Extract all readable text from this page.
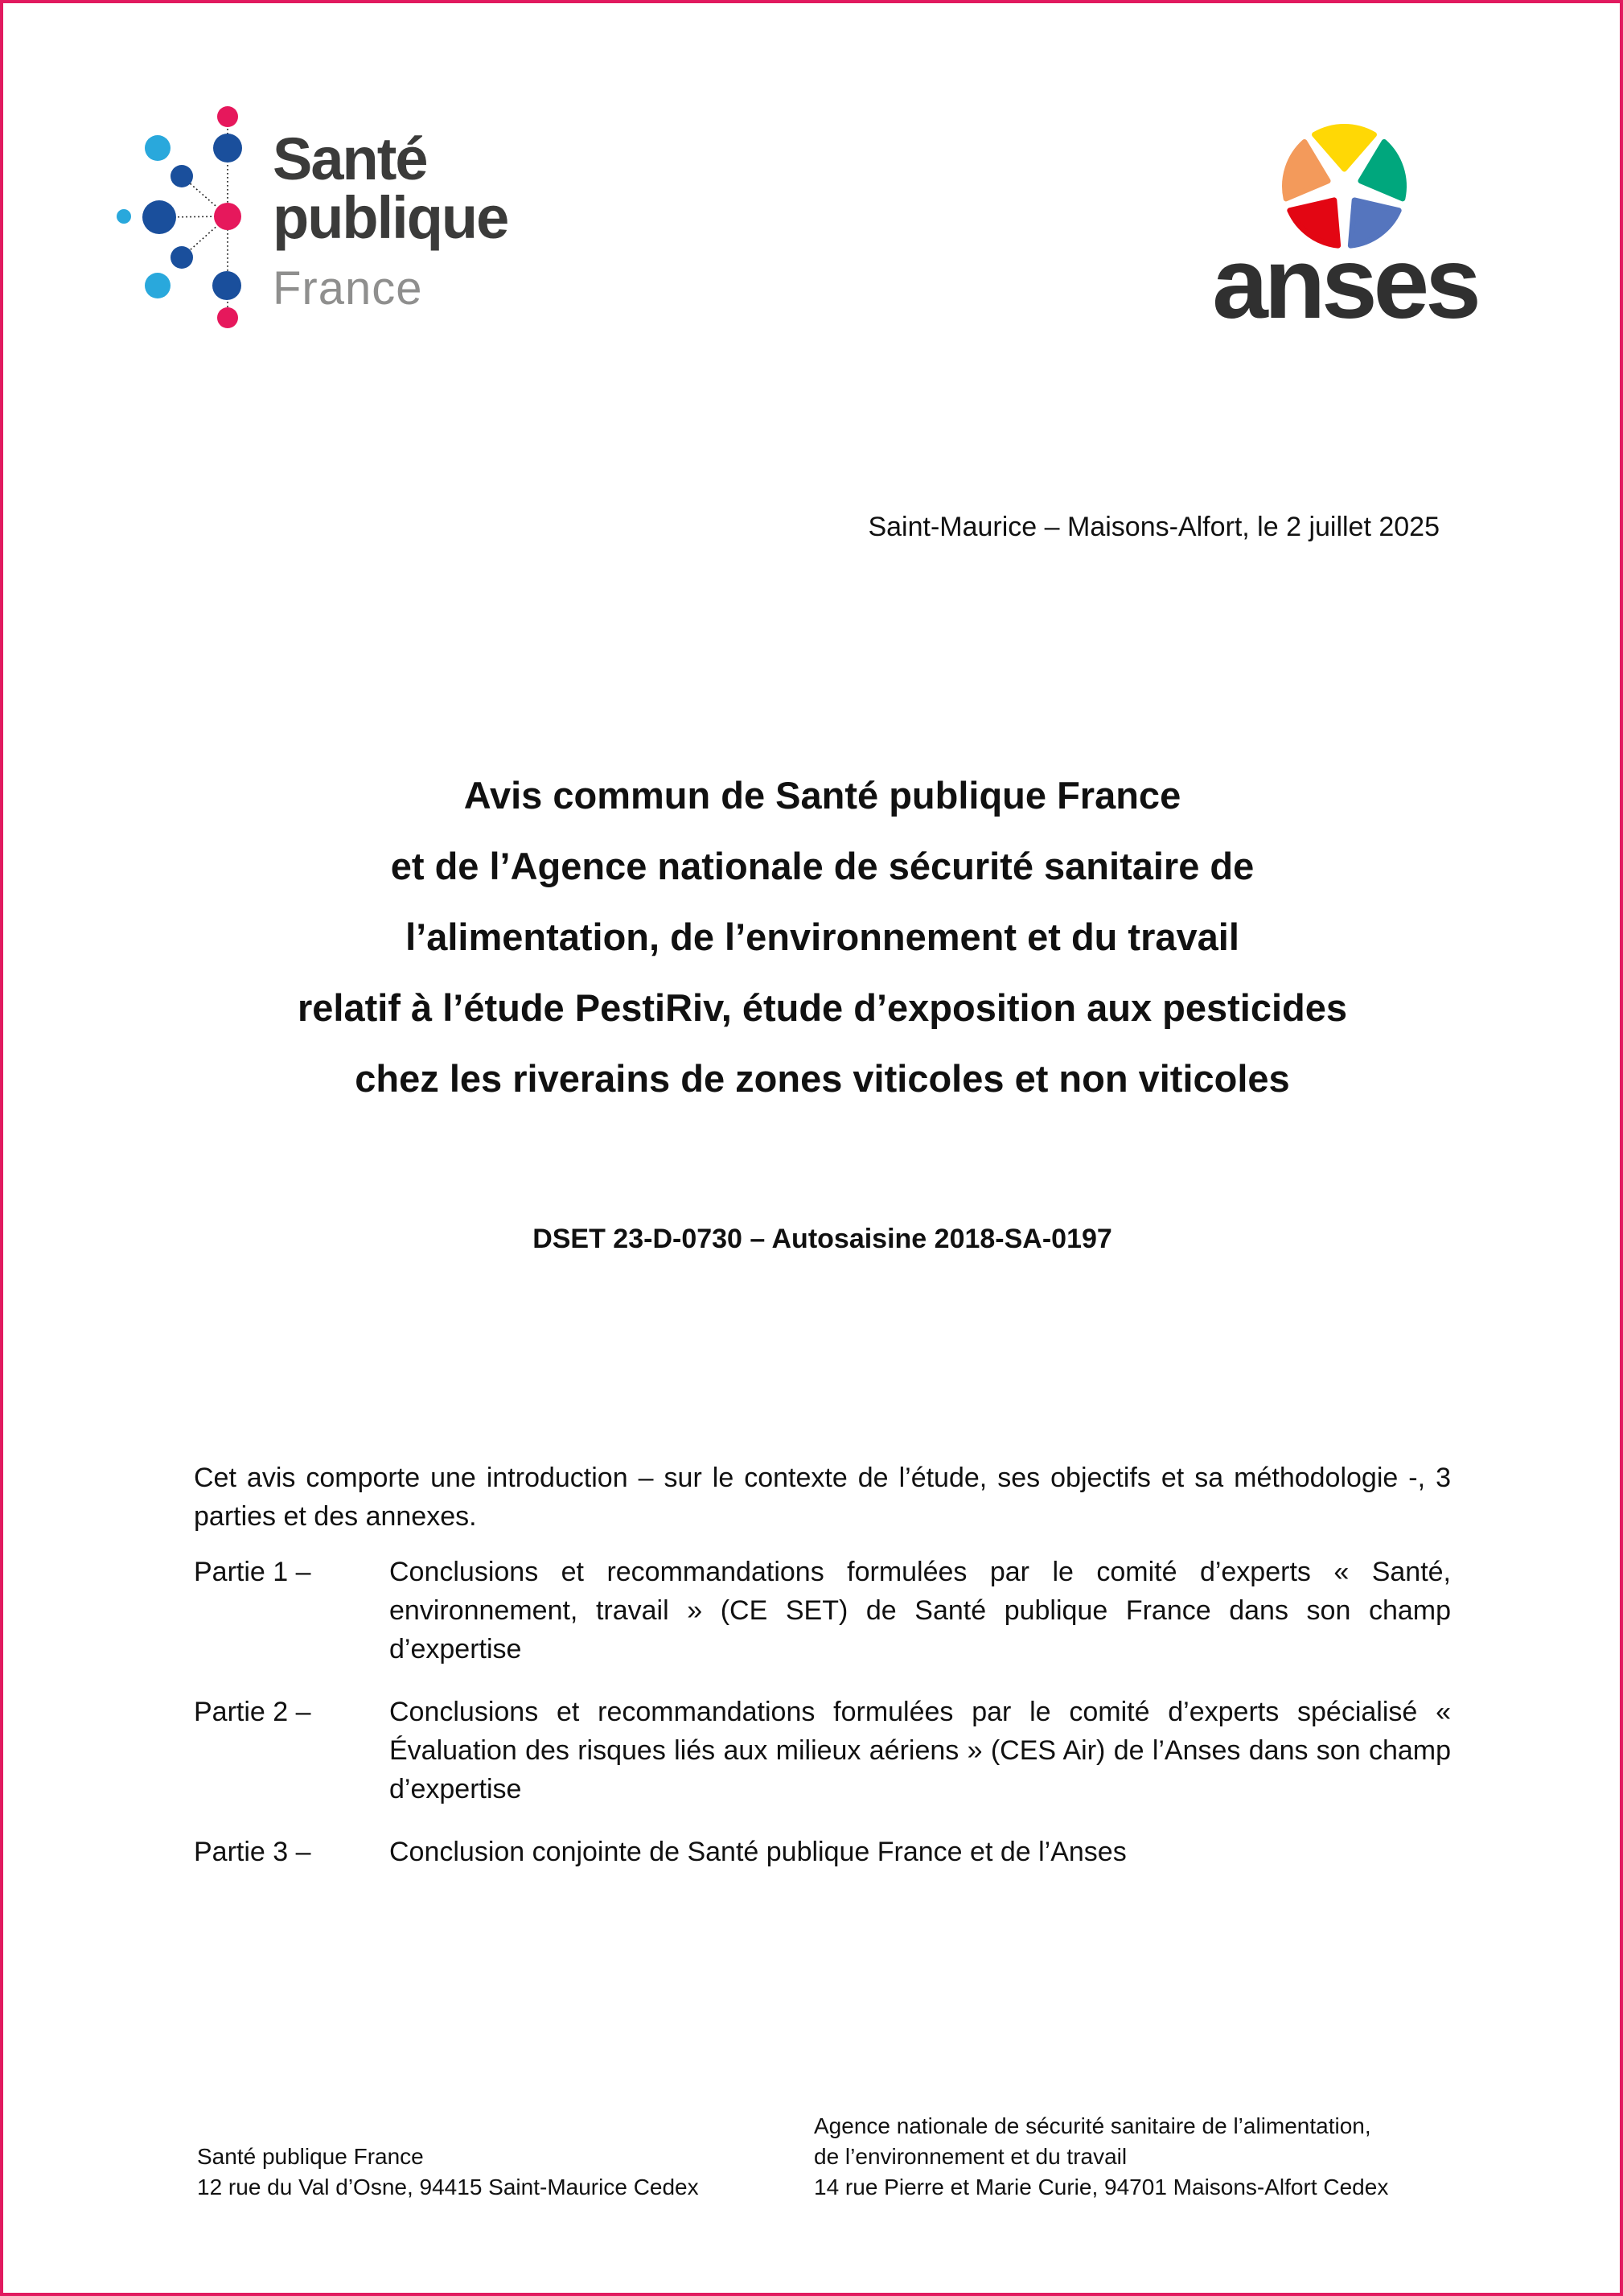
Santé
publique
France	anses
Saint-Maurice – Maisons-Alfort, le 2 juillet 2025
Avis commun de Santé publique France
et de l’Agence nationale de sécurité sanitaire de
l’alimentation, de l’environnement et du travail
relatif à l’étude PestiRiv, étude d’exposition aux pesticides
chez les riverains de zones viticoles et non viticoles
DSET 23-D-0730 – Autosaisine 2018-SA-0197
Cet avis comporte une introduction – sur le contexte de l’étude, ses objectifs et sa méthodologie -, 3 parties et des annexes.
Partie 1 –	Conclusions et recommandations formulées par le comité d’experts « Santé, environnement, travail » (CE SET) de Santé publique France dans son champ d’expertise
Partie 2 –	Conclusions et recommandations formulées par le comité d’experts spécialisé « Évaluation des risques liés aux milieux aériens » (CES Air) de l’Anses dans son champ d’expertise
Partie 3 –	Conclusion conjointe de Santé publique France et de l’Anses
Santé publique France
12 rue du Val d’Osne, 94415 Saint-Maurice Cedex
Agence nationale de sécurité sanitaire de l’alimentation,
de l’environnement et du travail
14 rue Pierre et Marie Curie, 94701 Maisons-Alfort Cedex
